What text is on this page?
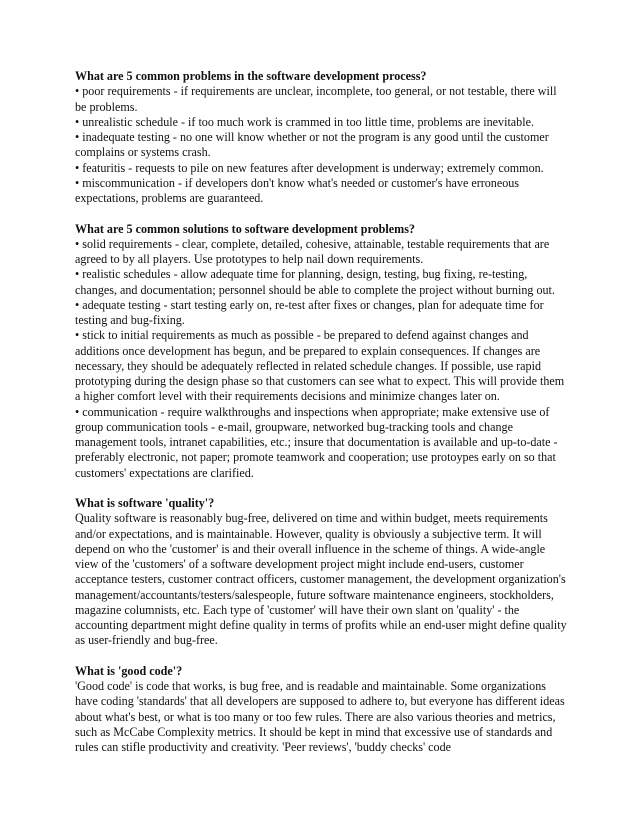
What are 5 common problems in the software development process?

• poor requirements - if requirements are unclear, incomplete, too general, or not testable, there will be problems.

• unrealistic schedule - if too much work is crammed in too little time, problems are inevitable.

• inadequate testing - no one will know whether or not the program is any good until the customer complains or systems crash.

• featuritis - requests to pile on new features after development is underway; extremely common.

• miscommunication - if developers don't know what's needed or customer's have erroneous expectations, problems are guaranteed.

What are 5 common solutions to software development problems?

• solid requirements - clear, complete, detailed, cohesive, attainable, testable requirements that are agreed to by all players. Use prototypes to help nail down requirements.

• realistic schedules - allow adequate time for planning, design, testing, bug fixing, re-testing, changes, and documentation; personnel should be able to complete the project without burning out.

• adequate testing - start testing early on, re-test after fixes or changes, plan for adequate time for testing and bug-fixing.

• stick to initial requirements as much as possible - be prepared to defend against changes and additions once development has begun, and be prepared to explain consequences. If changes are necessary, they should be adequately reflected in related schedule changes. If possible, use rapid prototyping during the design phase so that customers can see what to expect. This will provide them a higher comfort level with their requirements decisions and minimize changes later on.

• communication - require walkthroughs and inspections when appropriate; make extensive use of group communication tools - e-mail, groupware, networked bug-tracking tools and change management tools, intranet capabilities, etc.; insure that documentation is available and up-to-date - preferably electronic, not paper; promote teamwork and cooperation; use protoypes early on so that customers' expectations are clarified.

What is software 'quality'?

Quality software is reasonably bug-free, delivered on time and within budget, meets requirements and/or expectations, and is maintainable. However, quality is obviously a subjective term. It will depend on who the 'customer' is and their overall influence in the scheme of things. A wide-angle view of the 'customers' of a software development project might include end-users, customer acceptance testers, customer contract officers, customer management, the development organization's management/accountants/testers/salespeople, future software maintenance engineers, stockholders, magazine columnists, etc. Each type of 'customer' will have their own slant on 'quality' - the accounting department might define quality in terms of profits while an end-user might define quality as user-friendly and bug-free.

What is 'good code'?

'Good code' is code that works, is bug free, and is readable and maintainable. Some organizations have coding 'standards' that all developers are supposed to adhere to, but everyone has different ideas about what's best, or what is too many or too few rules. There are also various theories and metrics, such as McCabe Complexity metrics. It should be kept in mind that excessive use of standards and rules can stifle productivity and creativity. 'Peer reviews', 'buddy checks' code
